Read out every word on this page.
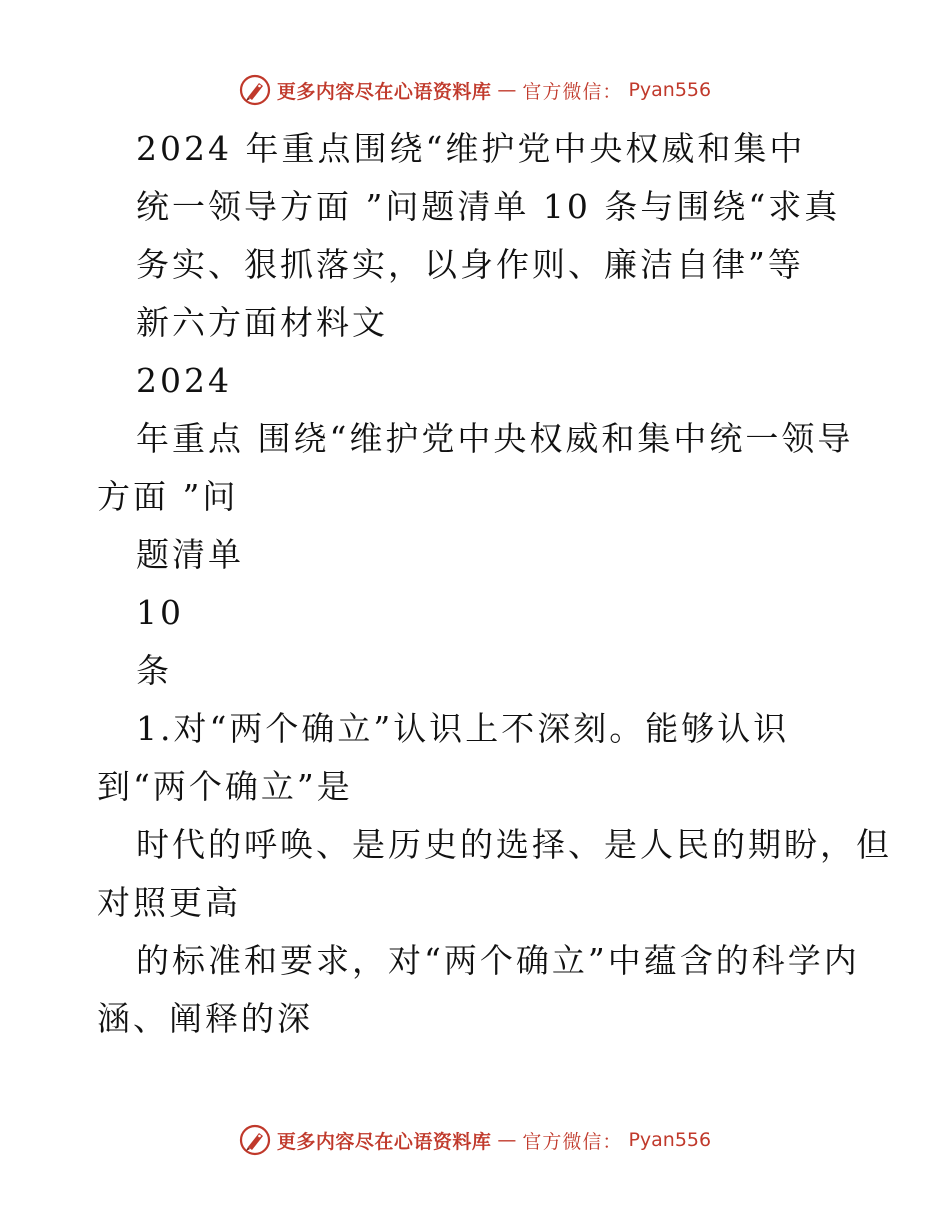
更多内容尽在心语资料库 — 官方微信： Pyan556
2024 年重点围绕“维护党中央权威和集中
统一领导方面 ”问题清单 10 条与围绕“求真
务实、狠抓落实，以身作则、廉洁自律”等
新六方面材料文
2024
年重点 围绕“维护党中央权威和集中统一领导
方面 ”问
题清单
10
条
1.对“两个确立”认识上不深刻。能够认识
到“两个确立”是
时代的呼唤、是历史的选择、是人民的期盼，但
对照更高
的标准和要求，对“两个确立”中蕴含的科学内
涵、阐释的深
更多内容尽在心语资料库 — 官方微信： Pyan556
